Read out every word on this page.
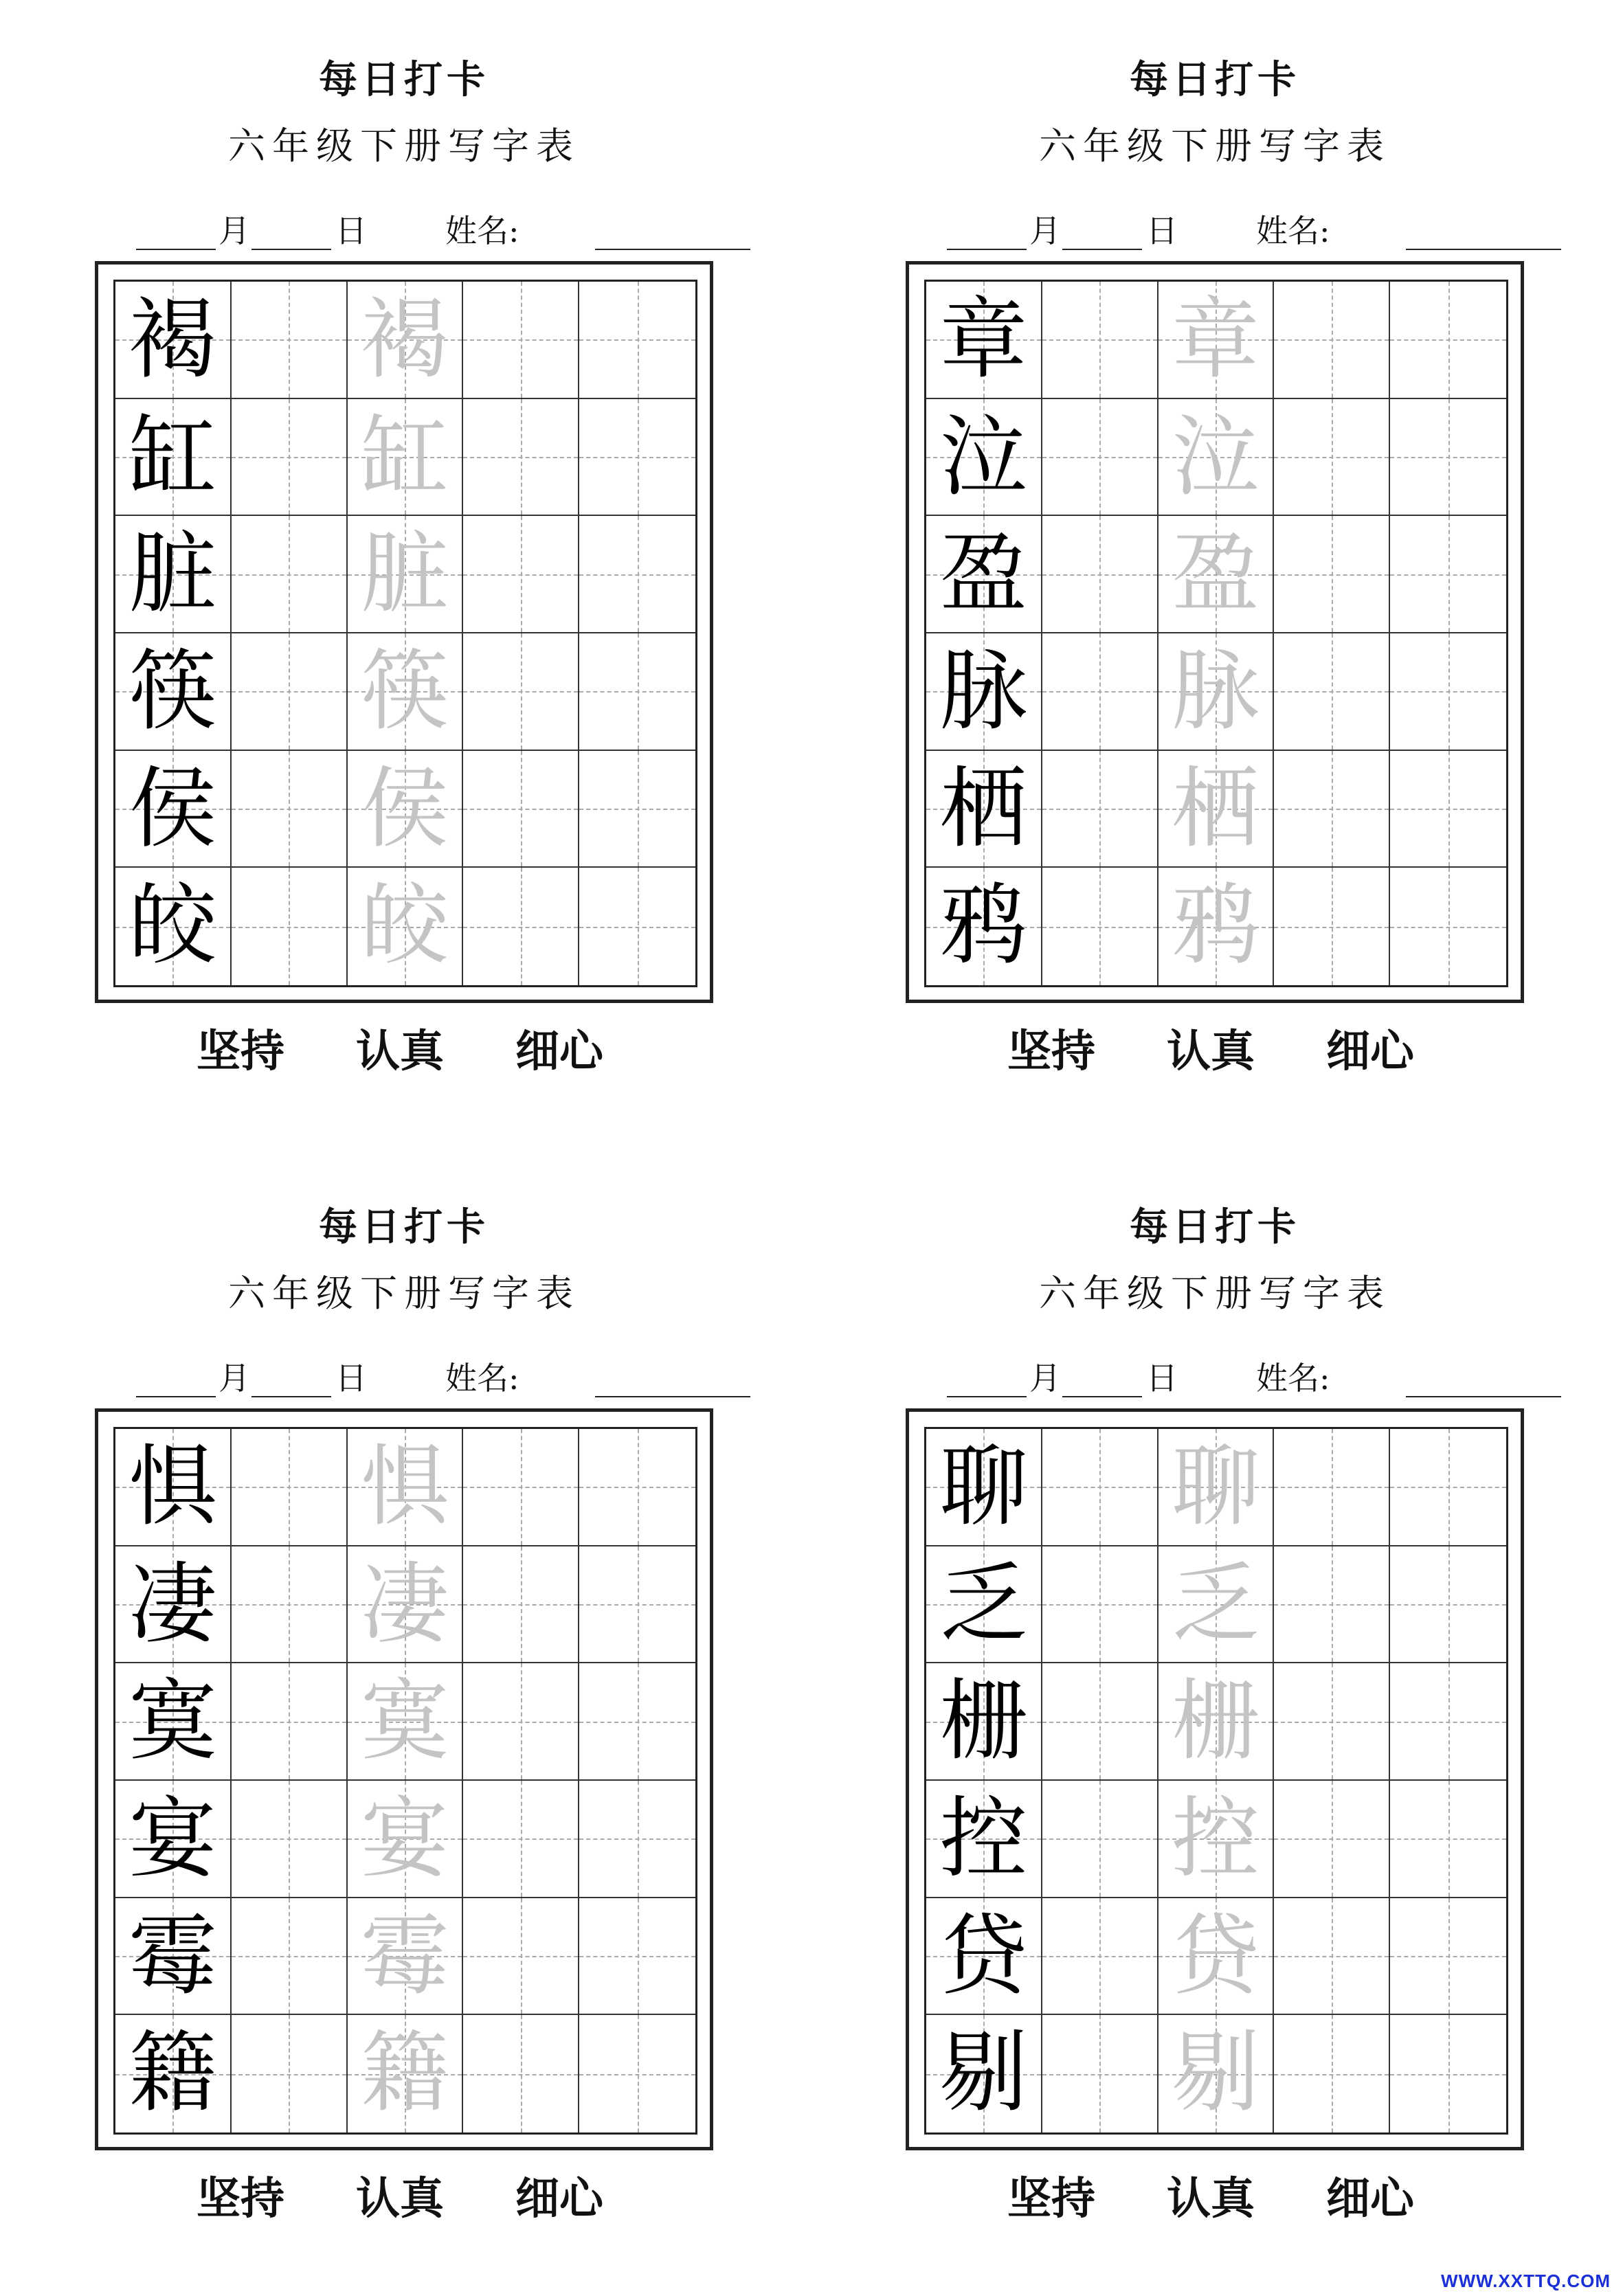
每日打卡
六年级下册写字表
月	日 姓名:
褐 褐
缸 缸
脏 脏
筷 筷
侯 侯
皎 皎
坚持 认真 细心
每日打卡
六年级下册写字表
月	日 姓名:
章 章
泣 泣
盈 盈
脉 脉
栖 栖
鸦 鸦
坚持 认真 细心
每日打卡
六年级下册写字表
月	日 姓名:
惧 惧
凄 凄
寞 寞
宴 宴
霉 霉
籍 籍
坚持 认真 细心
每日打卡
六年级下册写字表
月	日 姓名:
聊 聊
乏 乏
栅 栅
控 控
贷 贷
剔 剔
坚持 认真 细心
WWW.XXTTQ.COM
